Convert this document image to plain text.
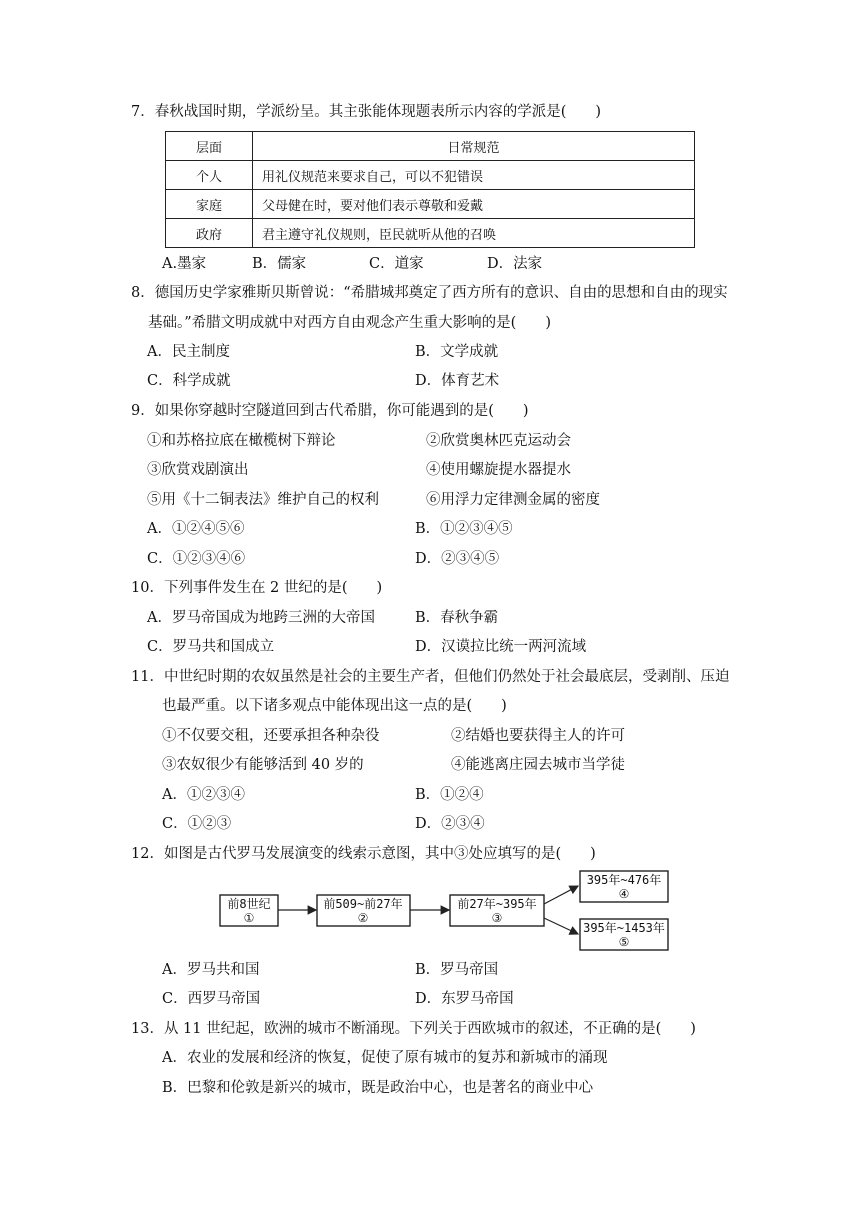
7．春秋战国时期，学派纷呈。其主张能体现题表所示内容的学派是(　　)
层面	日常规范
个人	用礼仪规范来要求自己，可以不犯错误
家庭	父母健在时，要对他们表示尊敬和爱戴
政府	君主遵守礼仪规则，臣民就听从他的召唤
A.墨家	B．儒家	C．道家	D．法家
8．德国历史学家雅斯贝斯曾说：“希腊城邦奠定了西方所有的意识、自由的思想和自由的现实
基础。”希腊文明成就中对西方自由观念产生重大影响的是(　　)
A．民主制度	B．文学成就
C．科学成就	D．体育艺术
9．如果你穿越时空隧道回到古代希腊，你可能遇到的是(　　)
①和苏格拉底在橄榄树下辩论	②欣赏奥林匹克运动会
③欣赏戏剧演出	④使用螺旋提水器提水
⑤用《十二铜表法》维护自己的权利	⑥用浮力定律测金属的密度
A．①②④⑤⑥	B．①②③④⑤
C．①②③④⑥	D．②③④⑤
10．下列事件发生在 2 世纪的是(　　)
A．罗马帝国成为地跨三洲的大帝国	B．春秋争霸
C．罗马共和国成立	D．汉谟拉比统一两河流域
11．中世纪时期的农奴虽然是社会的主要生产者，但他们仍然处于社会最底层，受剥削、压迫
也最严重。以下诸多观点中能体现出这一点的是(　　)
①不仅要交租，还要承担各种杂役	②结婚也要获得主人的许可
③农奴很少有能够活到 40 岁的	④能逃离庄园去城市当学徒
A．①②③④	B．①②④
C．①②③	D．②③④
12．如图是古代罗马发展演变的线索示意图，其中③处应填写的是(　　)
前8世纪
①
前509~前27年
②
前27年~395年
③
395年~476年
④
395年~1453年
⑤
A．罗马共和国	B．罗马帝国
C．西罗马帝国	D．东罗马帝国
13．从 11 世纪起，欧洲的城市不断涌现。下列关于西欧城市的叙述，不正确的是(　　)
A．农业的发展和经济的恢复，促使了原有城市的复苏和新城市的涌现
B．巴黎和伦敦是新兴的城市，既是政治中心，也是著名的商业中心
